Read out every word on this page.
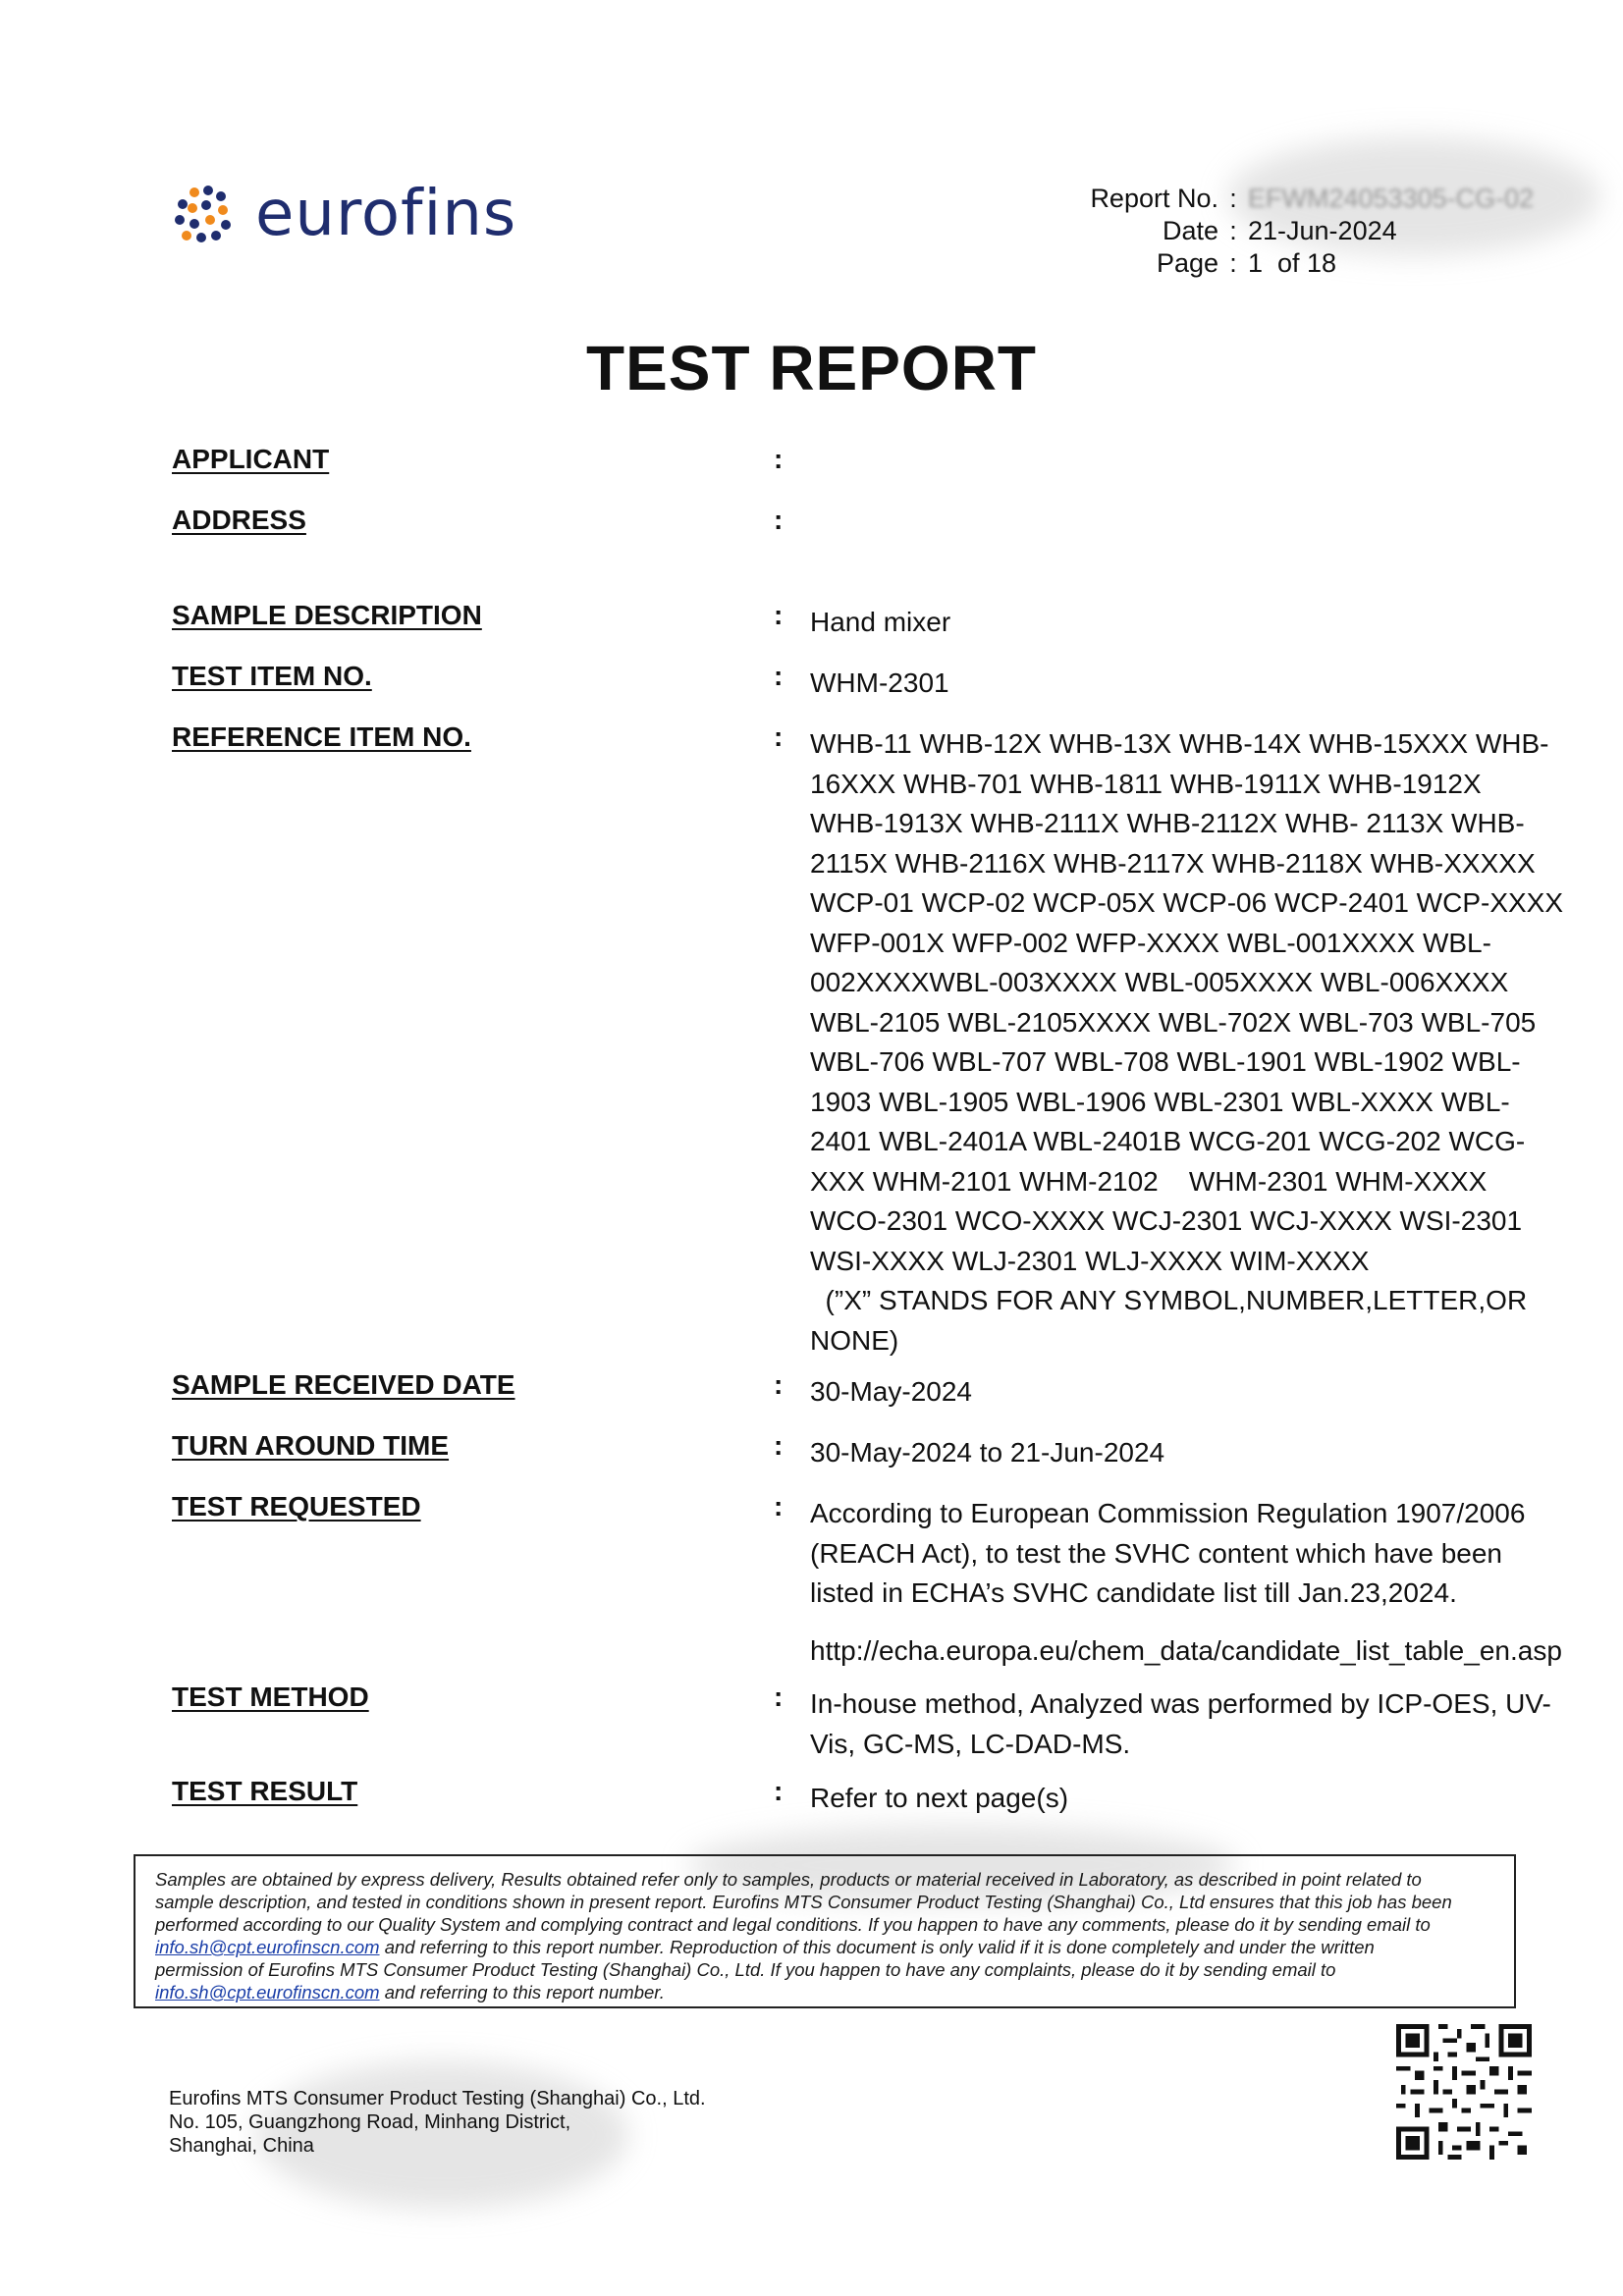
eurofins	Report No. : EFWM24053305-CG-02
Date : 21-Jun-2024
Page : 1  of 18
TEST REPORT
APPLICANT	:
ADDRESS	:
SAMPLE DESCRIPTION	: Hand mixer
TEST ITEM NO.	: WHM-2301
REFERENCE ITEM NO.	: WHB-11 WHB-12X WHB-13X WHB-14X WHB-15XXX WHB-
16XXX WHB-701 WHB-1811 WHB-1911X WHB-1912X
WHB-1913X WHB-2111X WHB-2112X WHB- 2113X WHB-
2115X WHB-2116X WHB-2117X WHB-2118X WHB-XXXXX
WCP-01 WCP-02 WCP-05X WCP-06 WCP-2401 WCP-XXXX
WFP-001X WFP-002 WFP-XXXX WBL-001XXXX WBL-
002XXXXWBL-003XXXX WBL-005XXXX WBL-006XXXX
WBL-2105 WBL-2105XXXX WBL-702X WBL-703 WBL-705
WBL-706 WBL-707 WBL-708 WBL-1901 WBL-1902 WBL-
1903 WBL-1905 WBL-1906 WBL-2301 WBL-XXXX WBL-
2401 WBL-2401A WBL-2401B WCG-201 WCG-202 WCG-
XXX WHM-2101 WHM-2102    WHM-2301 WHM-XXXX
WCO-2301 WCO-XXXX WCJ-2301 WCJ-XXXX WSI-2301
WSI-XXXX WLJ-2301 WLJ-XXXX WIM-XXXX
(”X” STANDS FOR ANY SYMBOL,NUMBER,LETTER,OR
NONE)
SAMPLE RECEIVED DATE	: 30-May-2024
TURN AROUND TIME	: 30-May-2024 to 21-Jun-2024
TEST REQUESTED	: According to European Commission Regulation 1907/2006
(REACH Act), to test the SVHC content which have been
listed in ECHA’s SVHC candidate list till Jan.23,2024.
http://echa.europa.eu/chem_data/candidate_list_table_en.asp
TEST METHOD	: In-house method, Analyzed was performed by ICP-OES, UV-
Vis, GC-MS, LC-DAD-MS.
TEST RESULT	: Refer to next page(s)

Samples are obtained by express delivery, Results obtained refer only to samples, products or material received in Laboratory, as described in point related to

sample description, and tested in conditions shown in present report. Eurofins MTS Consumer Product Testing (Shanghai) Co., Ltd ensures that this job has been

performed according to our Quality System and complying contract and legal conditions. If you happen to have any comments, please do it by sending email to

info.sh@cpt.eurofinscn.com and referring to this report number. Reproduction of this document is only valid if it is done completely and under the written

permission of Eurofins MTS Consumer Product Testing (Shanghai) Co., Ltd. If you happen to have any complaints, please do it by sending email to

info.sh@cpt.eurofinscn.com and referring to this report number.

Eurofins MTS Consumer Product Testing (Shanghai) Co., Ltd.
No. 105, Guangzhong Road, Minhang District,
Shanghai, China
